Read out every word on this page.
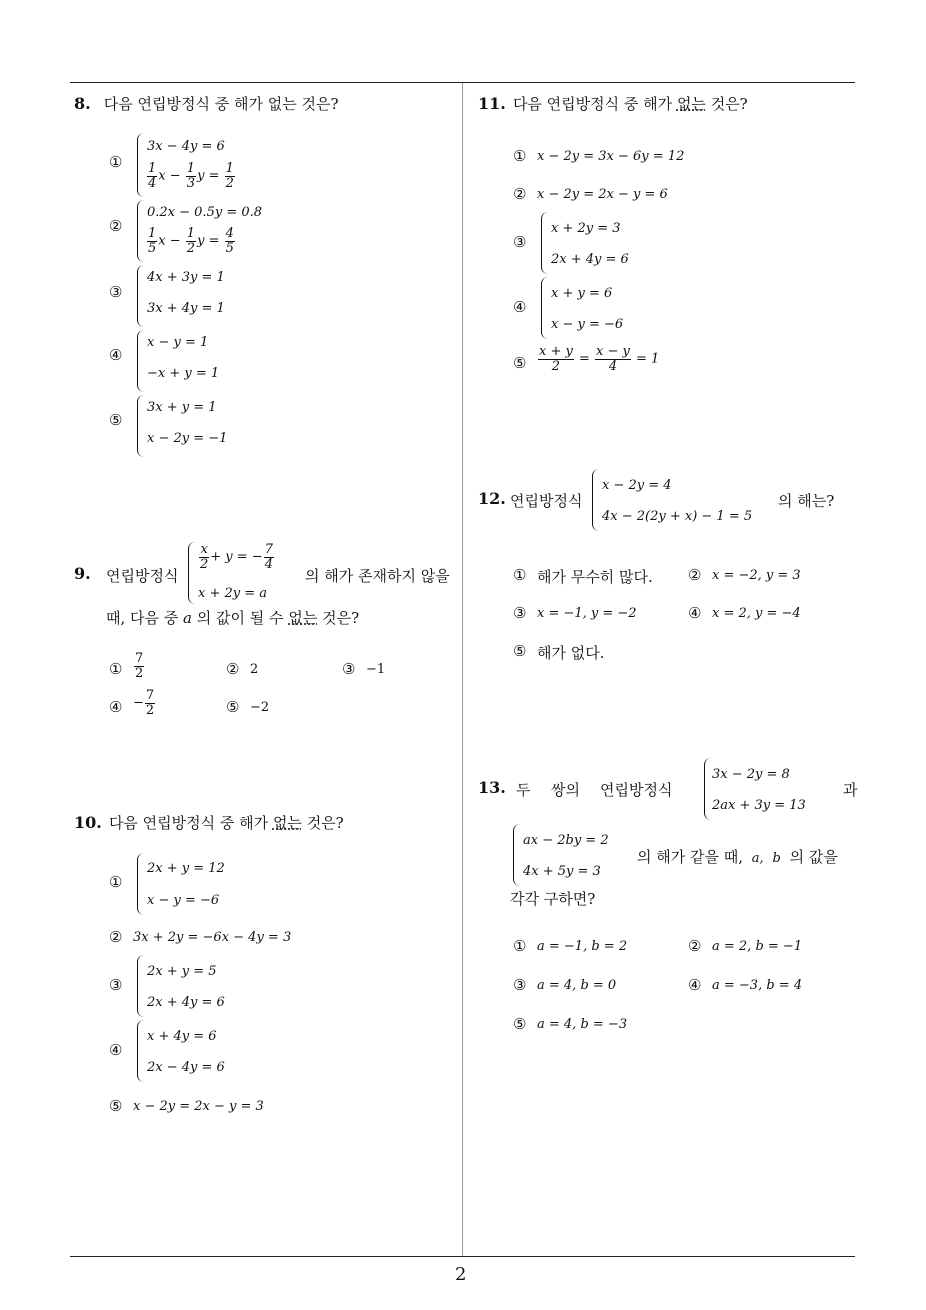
2
8. 다음 연립방정식 중 해가 없는 것은?
①
3x − 4y = 6
$\frac{1}{4}$ $x - \frac{1}{3}$ $y = \frac{1}{2}$
②
0.2x − 0.5y = 0.8
$\frac{1}{5}$ $x - \frac{1}{2}$ $y = \frac{4}{5}$
③
4x + 3y = 1
3x + 4y = 1
④
x − y = 1
−x + y = 1
⑤
3x + y = 1
x − 2y = −1
9. 연립방정식
$\frac{x}{2} + y$ = − $\frac{7}{4}$
x + 2y = a
의 해가 존재하지 않을
때, 다음 중 a 의 값이 될 수 없는 것은?
① $\frac{7}{2}$	② 2	③ −1
④ − $\frac{7}{2}$	⑤ −2
10. 다음 연립방정식 중 해가 없는 것은?
①
2x + y = 12
x − y = −6
② 3x + 2y = −6x − 4y = 3
③
2x + y = 5
2x + 4y = 6
④
x + 4y = 6
2x − 4y = 6
⑤ x − 2y = 2x − y = 3
11. 다음 연립방정식 중 해가 없는 것은?
① x − 2y = 3x − 6y = 12
② x − 2y = 2x − y = 6
③
x + 2y = 3
2x + 4y = 6
④
x + y = 6
x − y = −6
⑤ $\frac{x + y}{2} = \frac{x - y}{4} = 1$
12. 연립방정식
x − 2y = 4
4x − 2(2y + x) − 1 = 5
의 해는?
① 해가 무수히 많다. ② x = −2, y = 3
③ x = −1, y = −2	④ x = 2, y = −4
⑤ 해가 없다.
13. 두 쌍의 연립방정식
3x − 2y = 8
2ax + 3y = 13
과
ax − 2by = 2
4x + 5y = 3
의 해가 같을 때, a, b 의 값을
각각 구하면?
① a = −1, b = 2	② a = 2, b = −1
③ a = 4, b = 0	④ a = −3, b = 4
⑤ a = 4, b = −3
